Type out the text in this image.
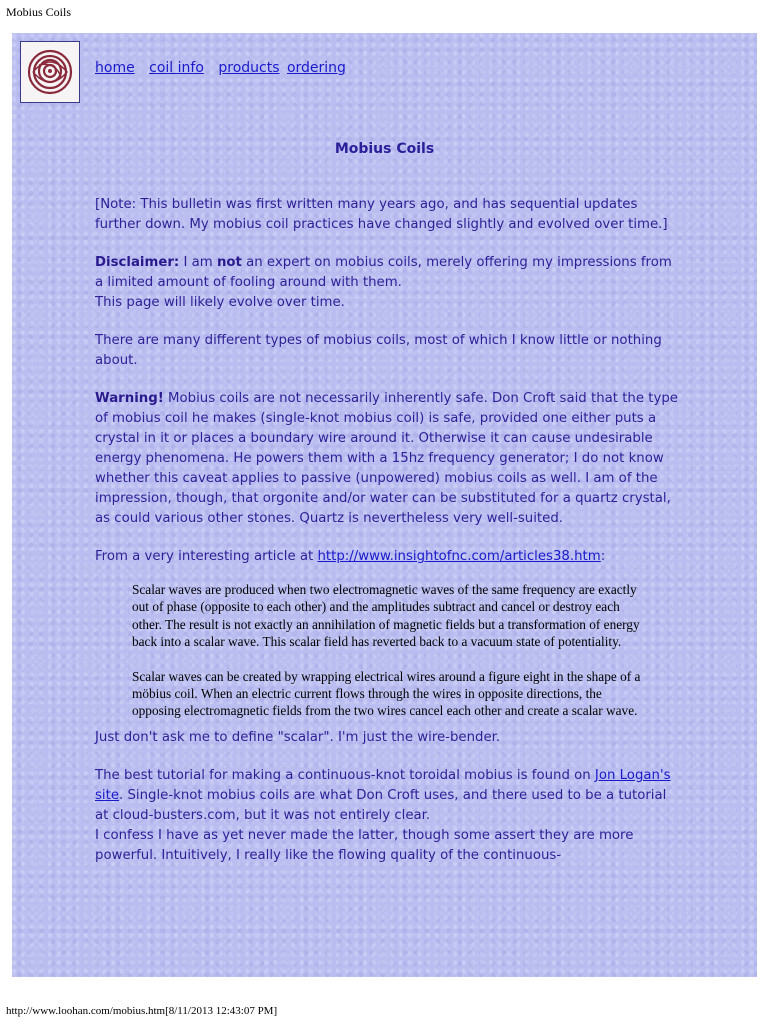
Mobius Coils
home coil info products ordering
Mobius Coils

[Note: This bulletin was first written many years ago, and has sequential updates further down. My mobius coil practices have changed slightly and evolved over time.]

Disclaimer: I am not an expert on mobius coils, merely offering my impressions from a limited amount of fooling around with them.
This page will likely evolve over time.

There are many different types of mobius coils, most of which I know little or nothing about.

Warning! Mobius coils are not necessarily inherently safe. Don Croft said that the type of mobius coil he makes (single-knot mobius coil) is safe, provided one either puts a crystal in it or places a boundary wire around it. Otherwise it can cause undesirable energy phenomena. He powers them with a 15hz frequency generator; I do not know whether this caveat applies to passive (unpowered) mobius coils as well. I am of the impression, though, that orgonite and/or water can be substituted for a quartz crystal, as could various other stones. Quartz is nevertheless very well-suited.

From a very interesting article at http://www.insightofnc.com/articles38.htm:

Scalar waves are produced when two electromagnetic waves of the same frequency are exactly out of phase (opposite to each other) and the amplitudes subtract and cancel or destroy each other. The result is not exactly an annihilation of magnetic fields but a transformation of energy back into a scalar wave. This scalar field has reverted back to a vacuum state of potentiality.

Scalar waves can be created by wrapping electrical wires around a figure eight in the shape of a möbius coil. When an electric current flows through the wires in opposite directions, the opposing electromagnetic fields from the two wires cancel each other and create a scalar wave.

Just don't ask me to define "scalar". I'm just the wire-bender.

The best tutorial for making a continuous-knot toroidal mobius is found on Jon Logan's site. Single-knot mobius coils are what Don Croft uses, and there used to be a tutorial at cloud-busters.com, but it was not entirely clear.
I confess I have as yet never made the latter, though some assert they are more powerful. Intuitively, I really like the flowing quality of the continuous-

http://www.loohan.com/mobius.htm[8/11/2013 12:43:07 PM]
